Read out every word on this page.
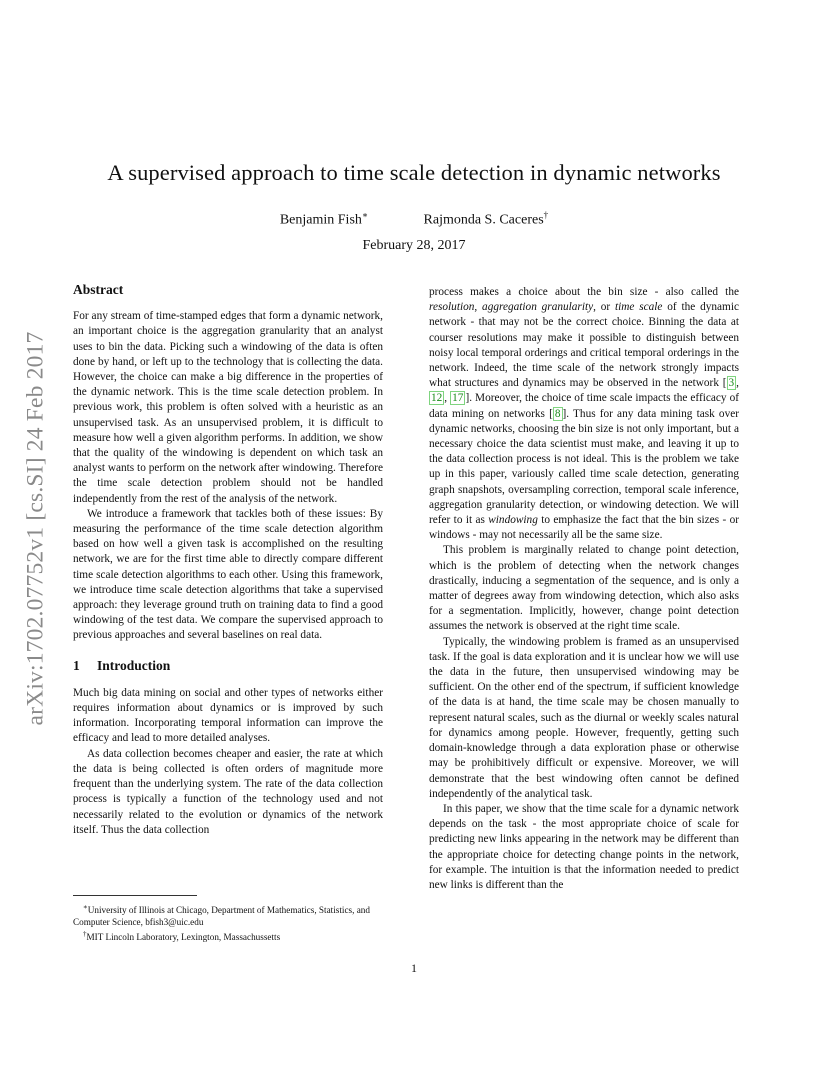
arXiv:1702.07752v1 [cs.SI] 24 Feb 2017
A supervised approach to time scale detection in dynamic networks
Benjamin Fish∗	Rajmonda S. Caceres†
February 28, 2017
Abstract

For any stream of time-stamped edges that form a dynamic network, an important choice is the aggregation granularity that an analyst uses to bin the data. Picking such a windowing of the data is often done by hand, or left up to the technology that is collecting the data. However, the choice can make a big difference in the properties of the dynamic network. This is the time scale detection problem. In previous work, this problem is often solved with a heuristic as an unsupervised task. As an unsupervised problem, it is difficult to measure how well a given algorithm performs. In addition, we show that the quality of the windowing is dependent on which task an analyst wants to perform on the network after windowing. Therefore the time scale detection problem should not be handled independently from the rest of the analysis of the network.

We introduce a framework that tackles both of these issues: By measuring the performance of the time scale detection algorithm based on how well a given task is accomplished on the resulting network, we are for the first time able to directly compare different time scale detection algorithms to each other. Using this framework, we introduce time scale detection algorithms that take a supervised approach: they leverage ground truth on training data to find a good windowing of the test data. We compare the supervised approach to previous approaches and several baselines on real data.

1 Introduction

Much big data mining on social and other types of networks either requires information about dynamics or is improved by such information. Incorporating temporal information can improve the efficacy and lead to more detailed analyses.

As data collection becomes cheaper and easier, the rate at which the data is being collected is often orders of magnitude more frequent than the underlying system. The rate of the data collection process is typically a function of the technology used and not necessarily related to the evolution or dynamics of the network itself. Thus the data collection

process makes a choice about the bin size - also called the resolution, aggregation granularity, or time scale of the dynamic network - that may not be the correct choice. Binning the data at courser resolutions may make it possible to distinguish between noisy local temporal orderings and critical temporal orderings in the network. Indeed, the time scale of the network strongly impacts what structures and dynamics may be observed in the network [ 3 , 12 , 17 ]. Moreover, the choice of time scale impacts the efficacy of data mining on networks [ 8 ]. Thus for any data mining task over dynamic networks, choosing the bin size is not only important, but a necessary choice the data scientist must make, and leaving it up to the data collection process is not ideal. This is the problem we take up in this paper, variously called time scale detection, generating graph snapshots, oversampling correction, temporal scale inference, aggregation granularity detection, or windowing detection. We will refer to it as windowing to emphasize the fact that the bin sizes - or windows - may not necessarily all be the same size.

This problem is marginally related to change point detection, which is the problem of detecting when the network changes drastically, inducing a segmentation of the sequence, and is only a matter of degrees away from windowing detection, which also asks for a segmentation. Implicitly, however, change point detection assumes the network is observed at the right time scale.

Typically, the windowing problem is framed as an unsupervised task. If the goal is data exploration and it is unclear how we will use the data in the future, then unsupervised windowing may be sufficient. On the other end of the spectrum, if sufficient knowledge of the data is at hand, the time scale may be chosen manually to represent natural scales, such as the diurnal or weekly scales natural for dynamics among people. However, frequently, getting such domain-knowledge through a data exploration phase or otherwise may be prohibitively difficult or expensive. Moreover, we will demonstrate that the best windowing often cannot be defined independently of the analytical task.

In this paper, we show that the time scale for a dynamic network depends on the task - the most appropriate choice of scale for predicting new links appearing in the network may be different than the appropriate choice for detecting change points in the network, for example. The intuition is that the information needed to predict new links is different than the

∗University of Illinois at Chicago, Department of Mathematics, Statistics, and Computer Science, bfish3@uic.edu

†MIT Lincoln Laboratory, Lexington, Massachussetts

1
